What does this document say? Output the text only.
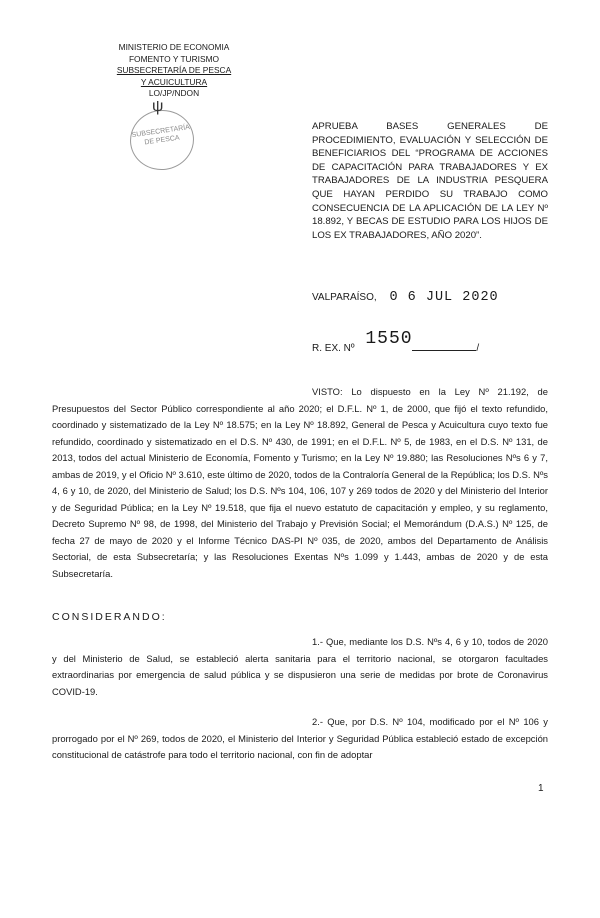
MINISTERIO DE ECONOMIA
FOMENTO Y TURISMO
SUBSECRETARÍA DE PESCA
Y ACUICULTURA
LO/JP/NDON
SUBSECRETARÍA DE PESCA
ψ
APRUEBA BASES GENERALES DE PROCEDIMIENTO, EVALUACIÓN Y SELECCIÓN DE BENEFICIARIOS DEL “PROGRAMA DE ACCIONES DE CAPACITACIÓN PARA TRABAJADORES Y EX TRABAJADORES DE LA INDUSTRIA PESQUERA QUE HAYAN PERDIDO SU TRABAJO COMO CONSECUENCIA DE LA APLICACIÓN DE LA LEY Nº 18.892, Y BECAS DE ESTUDIO PARA LOS HIJOS DE LOS EX TRABAJADORES, AÑO 2020”.
VALPARAÍSO, 0 6 JUL 2020
R. EX. Nº 1550	/
VISTO: Lo dispuesto en la Ley Nº 21.192, de Presupuestos del Sector Público correspondiente al año 2020; el D.F.L. Nº 1, de 2000, que fijó el texto refundido, coordinado y sistematizado de la Ley Nº 18.575; en la Ley Nº 18.892, General de Pesca y Acuicultura cuyo texto fue refundido, coordinado y sistematizado en el D.S. Nº 430, de 1991; en el D.F.L. Nº 5, de 1983, en el D.S. Nº 131, de 2013, todos del actual Ministerio de Economía, Fomento y Turismo; en la Ley Nº 19.880; las Resoluciones Nºs 6 y 7, ambas de 2019, y el Oficio Nº 3.610, este último de 2020, todos de la Contraloría General de la República; los D.S. Nºs 4, 6 y 10, de 2020, del Ministerio de Salud; los D.S. Nºs 104, 106, 107 y 269 todos de 2020 y del Ministerio del Interior y de Seguridad Pública; en la Ley Nº 19.518, que fija el nuevo estatuto de capacitación y empleo, y su reglamento, Decreto Supremo Nº 98, de 1998, del Ministerio del Trabajo y Previsión Social; el Memorándum (D.A.S.) Nº 125, de fecha 27 de mayo de 2020 y el Informe Técnico DAS-PI Nº 035, de 2020, ambos del Departamento de Análisis Sectorial, de esta Subsecretaría; y las Resoluciones Exentas Nºs 1.099 y 1.443, ambas de 2020 y de esta Subsecretaría.
CONSIDERANDO:
1.- Que, mediante los D.S. Nºs 4, 6 y 10, todos de 2020 y del Ministerio de Salud, se estableció alerta sanitaria para el territorio nacional, se otorgaron facultades extraordinarias por emergencia de salud pública y se dispusieron una serie de medidas por brote de Coronavirus COVID-19.
2.- Que, por D.S. Nº 104, modificado por el Nº 106 y prorrogado por el Nº 269, todos de 2020, el Ministerio del Interior y Seguridad Pública estableció estado de excepción constitucional de catástrofe para todo el territorio nacional, con fin de adoptar
1
